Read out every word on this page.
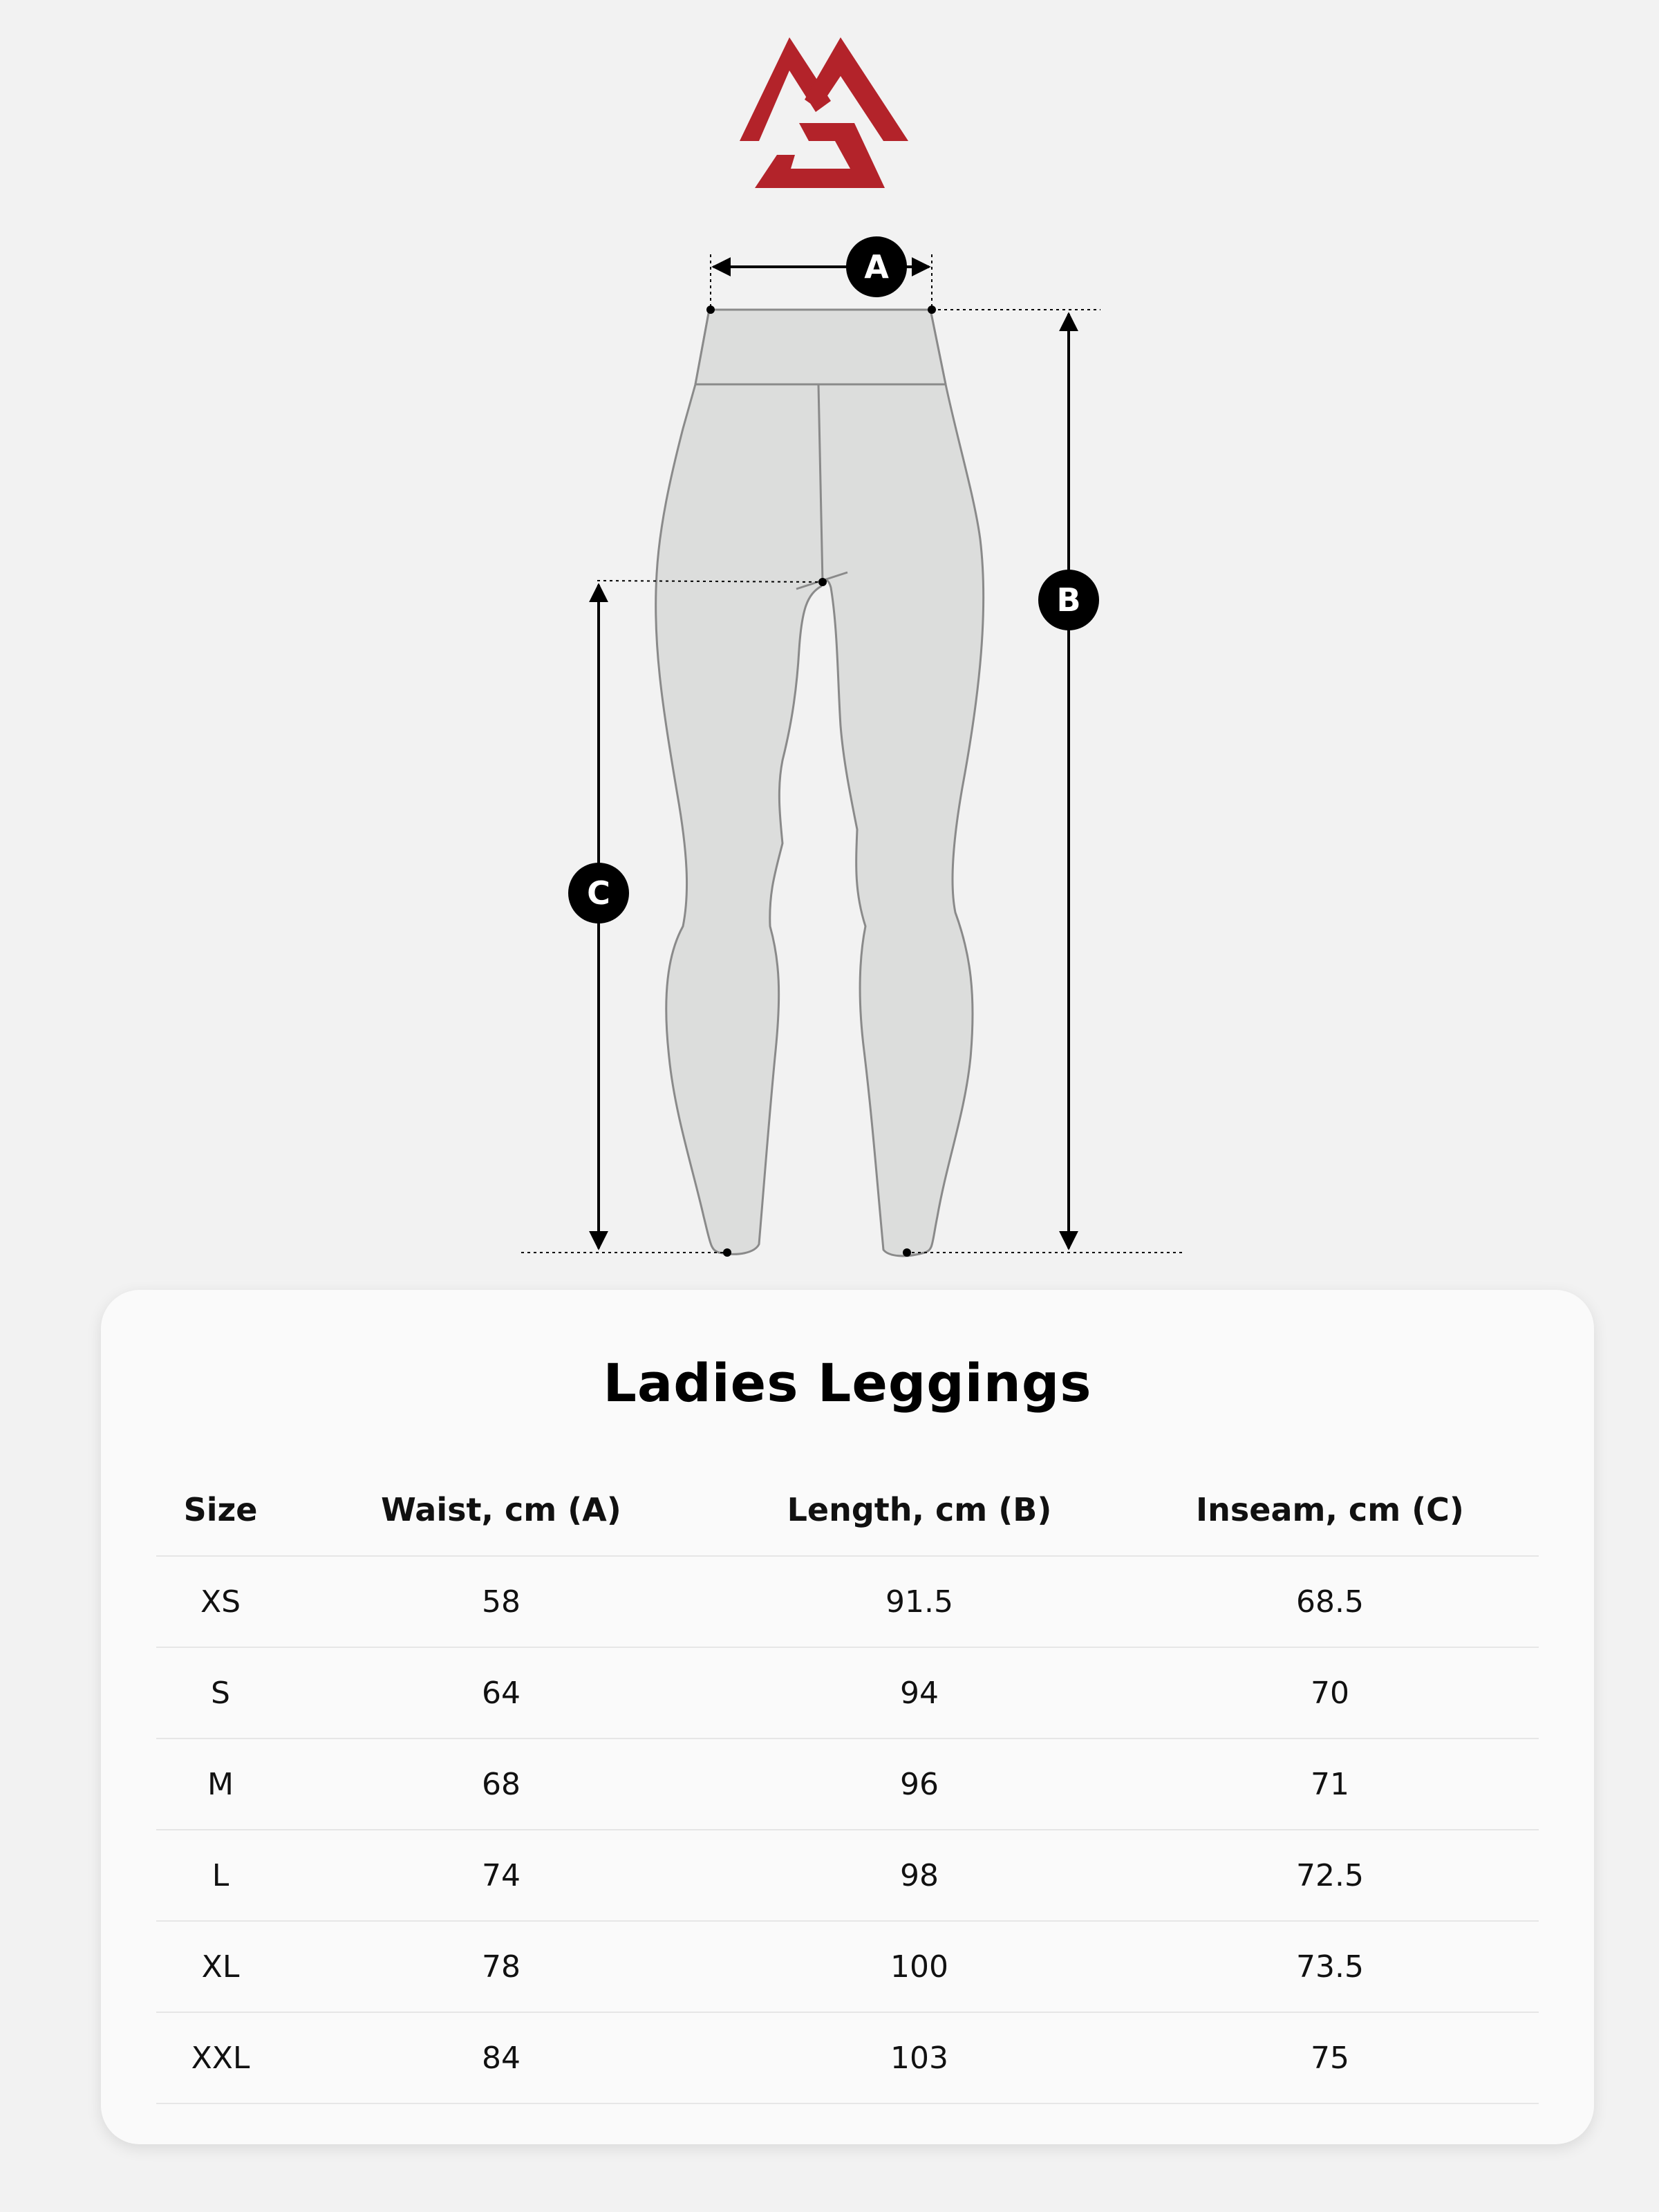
A
B
C
Ladies Leggings
Size	Waist, cm (A)	Length, cm (B)	Inseam, cm (C)
XS	58	91.5	68.5
S	64	94	70
M	68	96	71
L	74	98	72.5
XL	78	100	73.5
XXL	84	103	75
